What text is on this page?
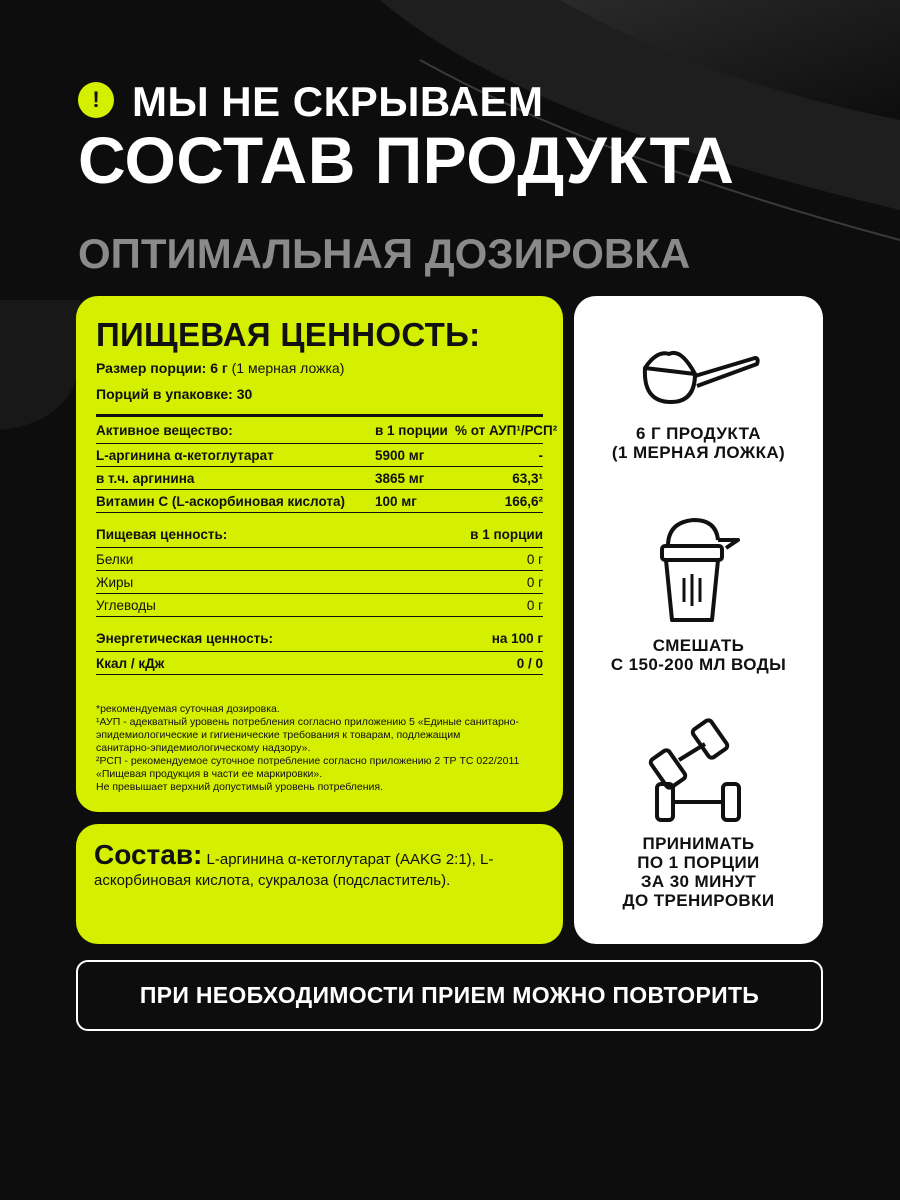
! МЫ НЕ СКРЫВАЕМ
СОСТАВ ПРОДУКТА
ОПТИМАЛЬНАЯ ДОЗИРОВКА
ПИЩЕВАЯ ЦЕННОСТЬ:
Размер порции: 6 г (1 мерная ложка)
Порций в упаковке: 30
Активное вещество:	в 1 порции % от АУП¹/РСП²
L-аргинина α-кетоглутарат	5900 мг	-
в т.ч. аргинина	3865 мг	63,3¹
Витамин С (L-аскорбиновая кислота)	100 мг	166,6²
Пищевая ценность:	в 1 порции
Белки	0 г
Жиры	0 г
Углеводы	0 г
Энергетическая ценность:	на 100 г
Ккал / кДж	0 / 0
*рекомендуемая суточная дозировка.
¹АУП - адекватный уровень потребления согласно приложению 5 «Единые санитарно-
эпидемиологические и гигиенические требования к товарам, подлежащим
санитарно-эпидемиологическому надзору».
²РСП - рекомендуемое суточное потребление согласно приложению 2 ТР ТС 022/2011
«Пищевая продукция в части ее маркировки».
Не превышает верхний допустимый уровень потребления.
Состав: L-аргинина α-кетоглутарат (AAKG 2:1), L-аскорбиновая кислота, сукралоза (подсластитель).
6 Г ПРОДУКТА
(1 МЕРНАЯ ЛОЖКА)
СМЕШАТЬ
С 150-200 МЛ ВОДЫ
ПРИНИМАТЬ
ПО 1 ПОРЦИИ
ЗА 30 МИНУТ
ДО ТРЕНИРОВКИ
ПРИ НЕОБХОДИМОСТИ ПРИЕМ МОЖНО ПОВТОРИТЬ
